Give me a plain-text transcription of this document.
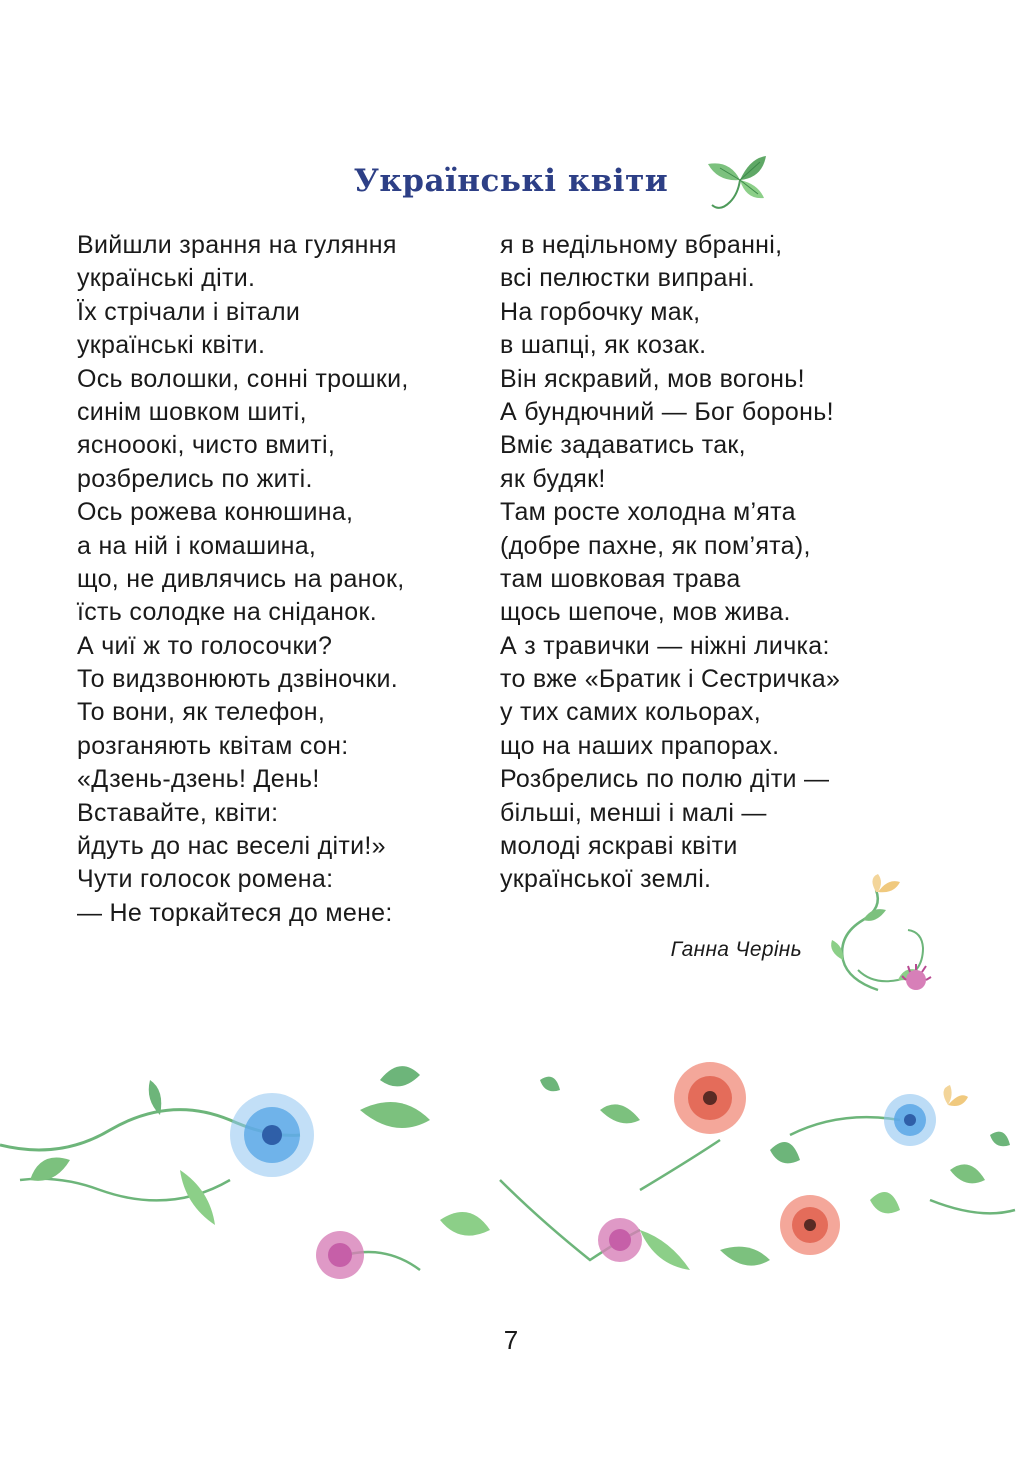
Українські квіти
Вийшли зрання на гуляння
українські діти.
Їх стрічали і вітали
українські квіти.
Ось волошки, сонні трошки,
синім шовком шиті,
яснооокі, чисто вмиті,
розбрелись по житі.
Ось рожева конюшина,
а на ній і комашина,
що, не дивлячись на ранок,
їсть солодке на сніданок.
А чиї ж то голосочки?
То видзвонюють дзвіночки.
То вони, як телефон,
розганяють квітам сон:
«Дзень-дзень! День!
Вставайте, квіти:
йдуть до нас веселі діти!»
Чути голосок ромена:
— Не торкайтеся до мене:
я в недільному вбранні,
всі пелюстки випрані.
На горбочку мак,
в шапці, як козак.
Він яскравий, мов вогонь!
А бундючний — Бог боронь!
Вміє задаватись так,
як будяк!
Там росте холодна м’ята
(добре пахне, як пом’ята),
там шовковая трава
щось шепоче, мов жива.
А з травички — ніжні личка:
то вже «Братик і Сестричка»
у тих самих кольорах,
що на наших прапорах.
Розбрелись по полю діти —
більші, менші і малі —
молоді яскраві квіти
української землі.
Ганна Черінь
7
